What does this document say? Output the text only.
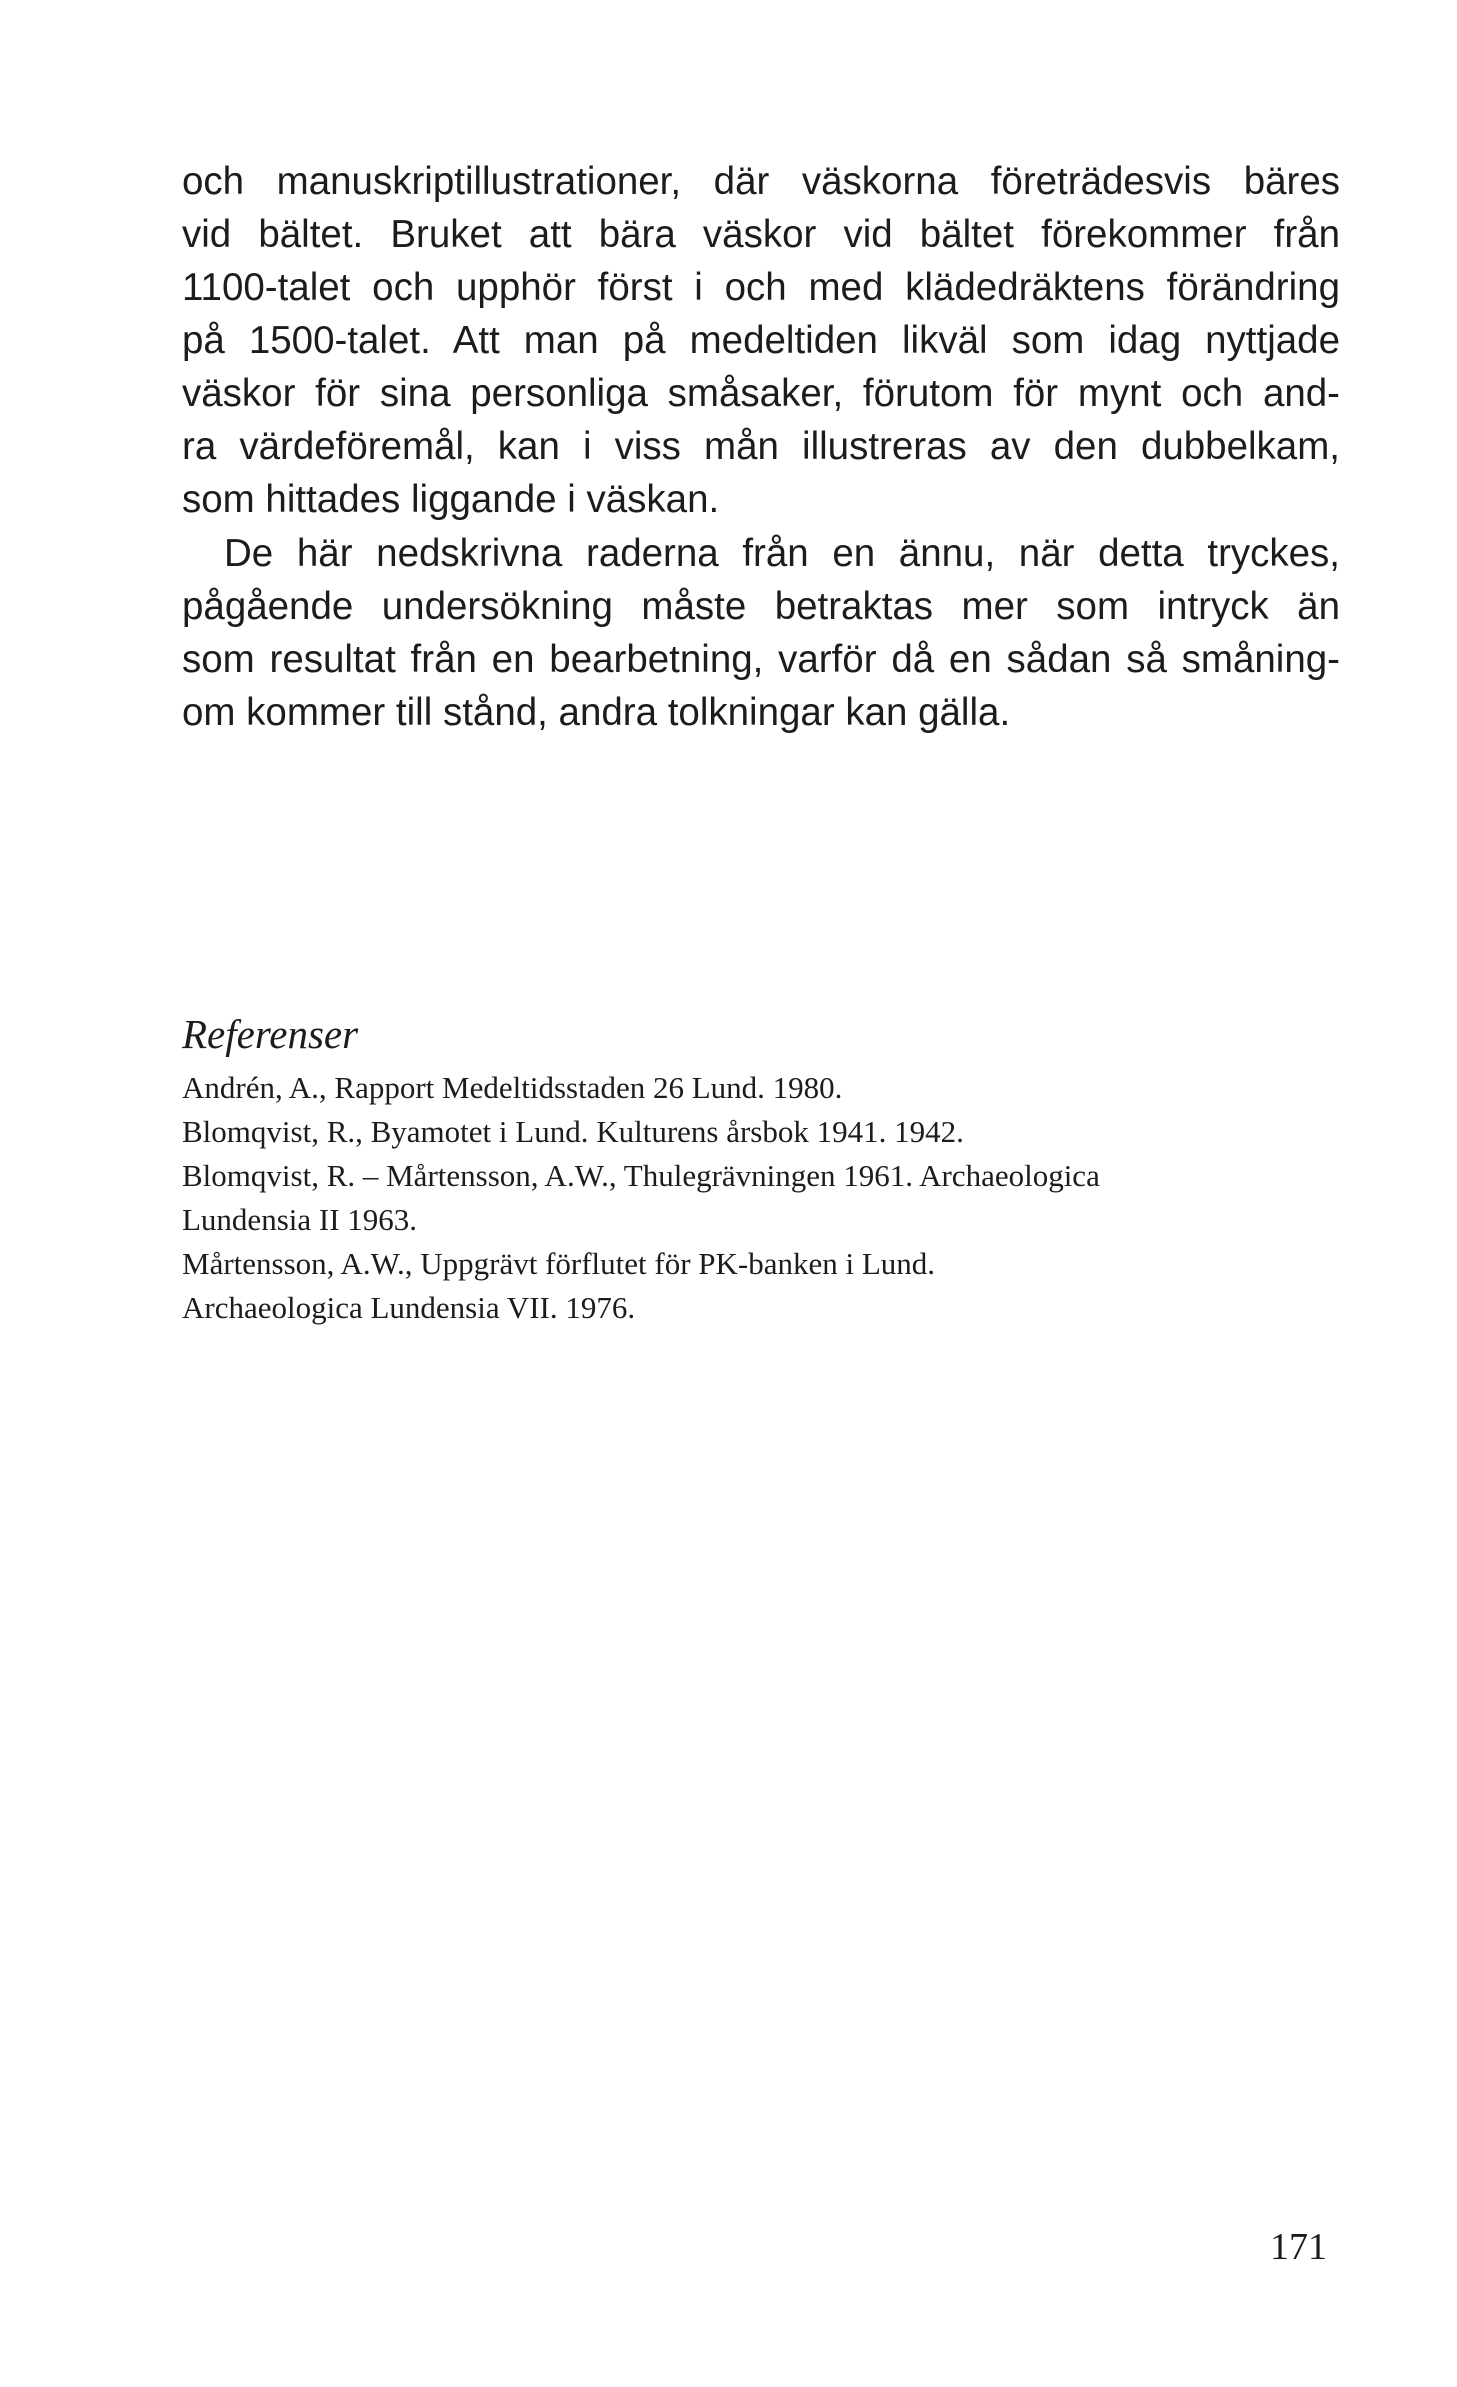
och manuskriptillustrationer, där väskorna företrädesvis bäres
vid bältet. Bruket att bära väskor vid bältet förekommer från
1100-talet och upphör först i och med klädedräktens förändring
på 1500-talet. Att man på medeltiden likväl som idag nyttjade
väskor för sina personliga småsaker, förutom för mynt och and-
ra värdeföremål, kan i viss mån illustreras av den dubbelkam,
som hittades liggande i väskan.
De här nedskrivna raderna från en ännu, när detta tryckes,
pågående undersökning måste betraktas mer som intryck än
som resultat från en bearbetning, varför då en sådan så småning-
om kommer till stånd, andra tolkningar kan gälla.
Referenser
Andrén, A., Rapport Medeltidsstaden 26 Lund. 1980.
Blomqvist, R., Byamotet i Lund. Kulturens årsbok 1941. 1942.
Blomqvist, R. – Mårtensson, A.W., Thulegrävningen 1961. Archaeologica
Lundensia II 1963.
Mårtensson, A.W., Uppgrävt förflutet för PK-banken i Lund.
Archaeologica Lundensia VII. 1976.
171
